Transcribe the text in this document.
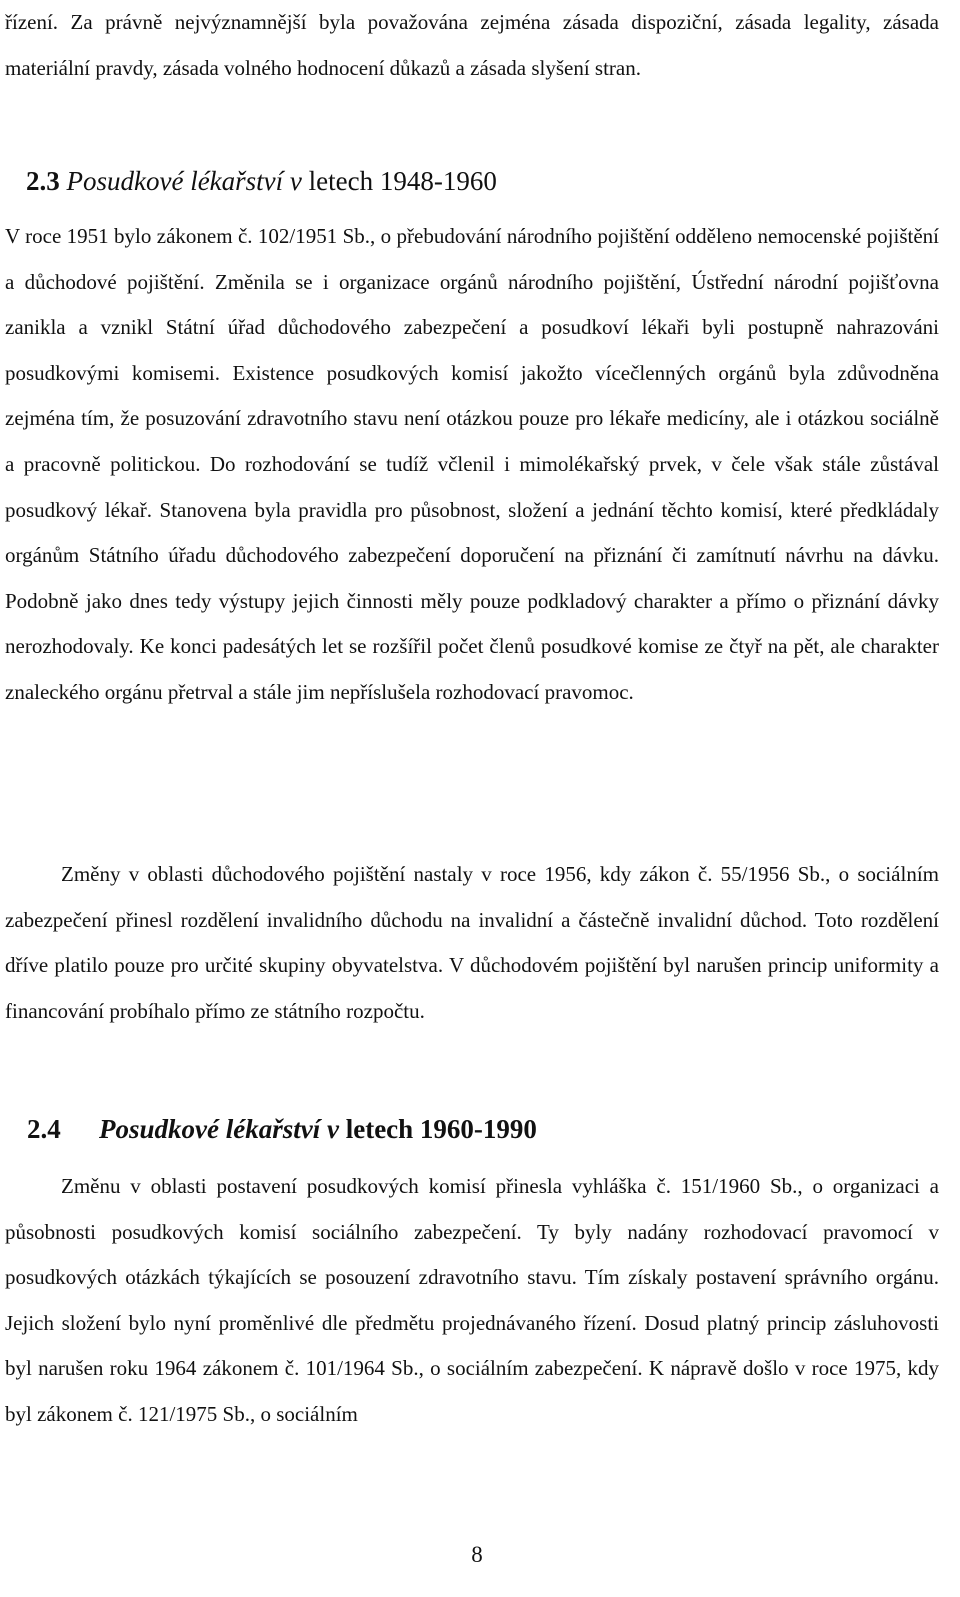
řízení. Za právně nejvýznamnější byla považována zejména zásada dispoziční, zásada legality, zásada materiální pravdy, zásada volného hodnocení důkazů a zásada slyšení stran.

2.3 Posudkové lékařství v letech 1948-1960

V roce 1951 bylo zákonem č. 102/1951 Sb., o přebudování národního pojištění odděleno nemocenské pojištění a důchodové pojištění. Změnila se i organizace orgánů národního pojištění, Ústřední národní pojišťovna zanikla a vznikl Státní úřad důchodového zabezpečení a posudkoví lékaři byli postupně nahrazováni posudkovými komisemi. Existence posudkových komisí jakožto vícečlenných orgánů byla zdůvodněna zejména tím, že posuzování zdravotního stavu není otázkou pouze pro lékaře medicíny, ale i otázkou sociálně a pracovně politickou. Do rozhodování se tudíž včlenil i mimolékařský prvek, v čele však stále zůstával posudkový lékař. Stanovena byla pravidla pro působnost, složení a jednání těchto komisí, které předkládaly orgánům Státního úřadu důchodového zabezpečení doporučení na přiznání či zamítnutí návrhu na dávku. Podobně jako dnes tedy výstupy jejich činnosti měly pouze podkladový charakter a přímo o přiznání dávky nerozhodovaly. Ke konci padesátých let se rozšířil počet členů posudkové komise ze čtyř na pět, ale charakter znaleckého orgánu přetrval a stále jim nepříslušela rozhodovací pravomoc.

Změny v oblasti důchodového pojištění nastaly v roce 1956, kdy zákon č. 55/1956 Sb., o sociálním zabezpečení přinesl rozdělení invalidního důchodu na invalidní a částečně invalidní důchod. Toto rozdělení dříve platilo pouze pro určité skupiny obyvatelstva. V důchodovém pojištění byl narušen princip uniformity a financování probíhalo přímo ze státního rozpočtu.

2.4 Posudkové lékařství v letech 1960-1990

Změnu v oblasti postavení posudkových komisí přinesla vyhláška č. 151/1960 Sb., o organizaci a působnosti posudkových komisí sociálního zabezpečení. Ty byly nadány rozhodovací pravomocí v posudkových otázkách týkajících se posouzení zdravotního stavu. Tím získaly postavení správního orgánu. Jejich složení bylo nyní proměnlivé dle předmětu projednávaného řízení. Dosud platný princip zásluhovosti byl narušen roku 1964 zákonem č. 101/1964 Sb., o sociálním zabezpečení. K nápravě došlo v roce 1975, kdy byl zákonem č. 121/1975 Sb., o sociálním

8
